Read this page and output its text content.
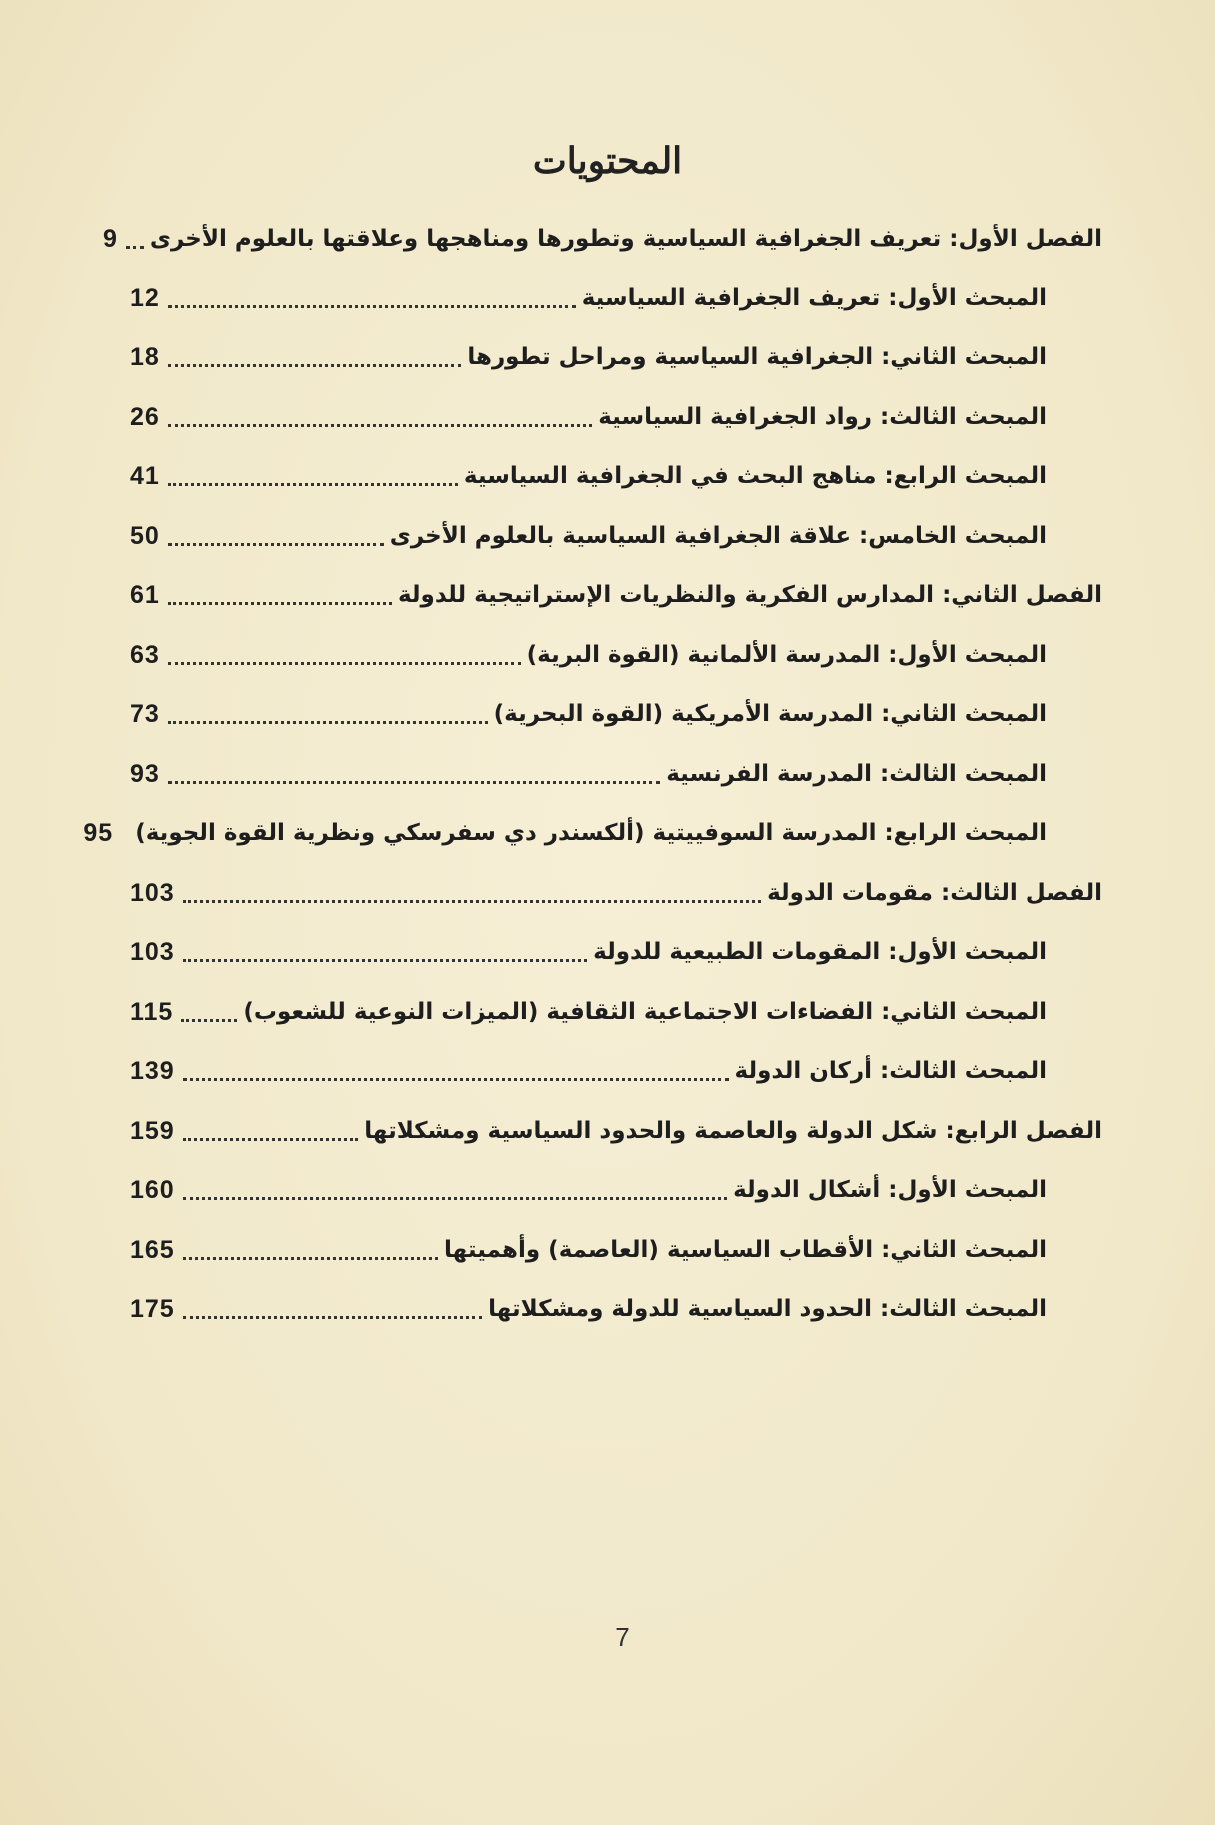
المحتويات
الفصل الأول: تعريف الجغرافية السياسية وتطورها ومناهجها وعلاقتها بالعلوم الأخرى
9
المبحث الأول: تعريف الجغرافية السياسية
12
المبحث الثاني: الجغرافية السياسية ومراحل تطورها
18
المبحث الثالث: رواد الجغرافية السياسية
26
المبحث الرابع: مناهج البحث في الجغرافية السياسية
41
المبحث الخامس: علاقة الجغرافية السياسية بالعلوم الأخرى
50
الفصل الثاني: المدارس الفكرية والنظريات الإستراتيجية للدولة
61
المبحث الأول: المدرسة الألمانية (القوة البرية)
63
المبحث الثاني: المدرسة الأمريكية (القوة البحرية)
73
المبحث الثالث: المدرسة الفرنسية
93
المبحث الرابع: المدرسة السوفييتية (ألكسندر دي سفرسكي ونظرية القوة الجوية)
95
الفصل الثالث: مقومات الدولة
103
المبحث الأول: المقومات الطبيعية للدولة
103
المبحث الثاني: الفضاءات الاجتماعية الثقافية (الميزات النوعية للشعوب)
115
المبحث الثالث: أركان الدولة
139
الفصل الرابع: شكل الدولة والعاصمة والحدود السياسية ومشكلاتها
159
المبحث الأول: أشكال الدولة
160
المبحث الثاني: الأقطاب السياسية (العاصمة) وأهميتها
165
المبحث الثالث: الحدود السياسية للدولة ومشكلاتها
175
7
